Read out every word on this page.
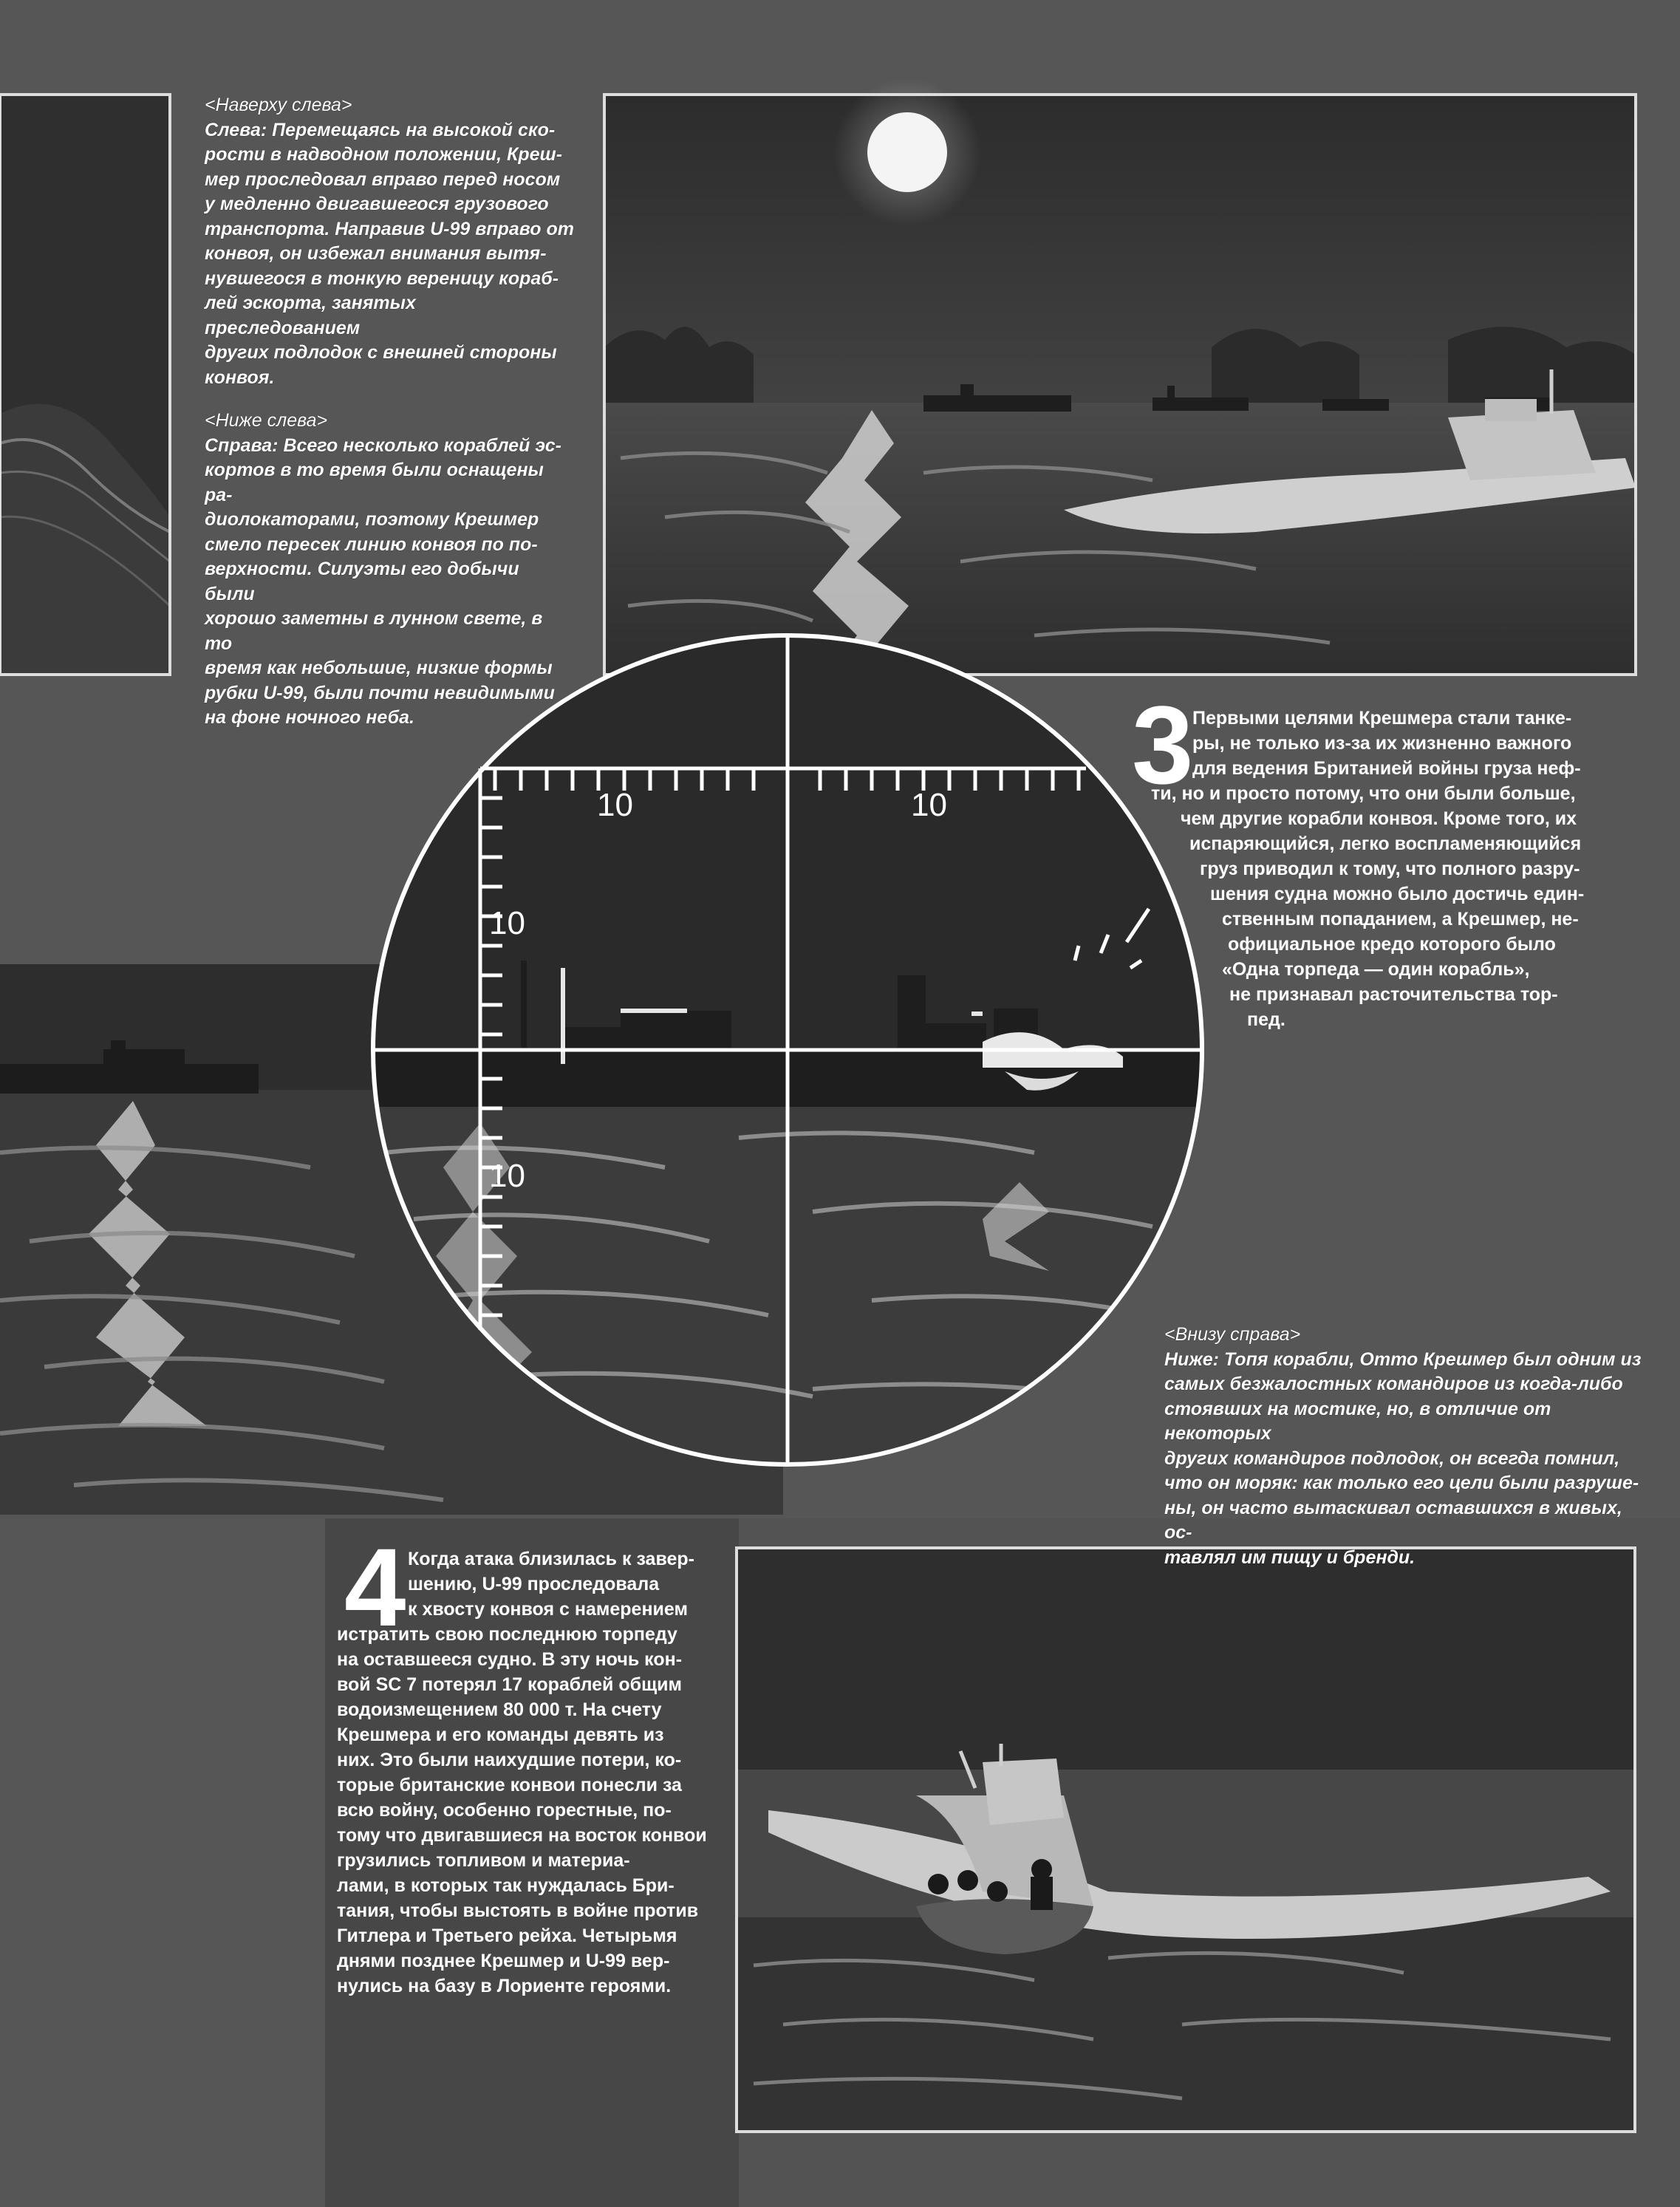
10	10
10
10
<Наверху слева>
Слева: Перемещаясь на высокой ско-
рости в надводном положении, Креш-
мер проследовал вправо перед носом
у медленно двигавшегося грузового
транспорта. Направив U-99 вправо от
конвоя, он избежал внимания вытя-
нувшегося в тонкую вереницу кораб-
лей эскорта, занятых преследованием
других подлодок с внешней стороны
конвоя.
<Ниже слева>
Справа: Всего несколько кораблей эс-
кортов в то время были оснащены ра-
диолокаторами, поэтому Крешмер
смело пересек линию конвоя по по-
верхности. Силуэты его добычи были
хорошо заметны в лунном свете, в то
время как небольшие, низкие формы
рубки U-99, были почти невидимыми
на фоне ночного неба.
<Внизу справа>
Ниже: Топя корабли, Отто Крешмер был одним из
самых безжалостных командиров из когда-либо
стоявших на мостике, но, в отличие от некоторых
других командиров подлодок, он всегда помнил,
что он моряк: как только его цели были разруше-
ны, он часто вытаскивал оставшихся в живых, ос-
тавлял им пищу и бренди.
3 Первыми целями Крешмера стали танке-
ры, не только из-за их жизненно важного
для ведения Британией войны груза неф-
ти, но и просто потому, что они были больше,
чем другие корабли конвоя. Кроме того, их
испаряющийся, легко воспламеняющийся
груз приводил к тому, что полного разру-
шения судна можно было достичь един-
ственным попаданием, а Крешмер, не-
официальное кредо которого было
«Одна торпеда — один корабль»,
не признавал расточительства тор-
пед.
4 Когда атака близилась к завер-
шению, U-99 проследовала
к хвосту конвоя с намерением
истратить свою последнюю торпеду
на оставшееся судно. В эту ночь кон-
вой SC 7 потерял 17 кораблей общим
водоизмещением 80 000 т. На счету
Крешмера и его команды девять из
них. Это были наихудшие потери, ко-
торые британские конвои понесли за
всю войну, особенно горестные, по-
тому что двигавшиеся на восток конвои
грузились топливом и материа-
лами, в которых так нуждалась Бри-
тания, чтобы выстоять в войне против
Гитлера и Третьего рейха. Четырьмя
днями позднее Крешмер и U-99 вер-
нулись на базу в Лориенте героями.
